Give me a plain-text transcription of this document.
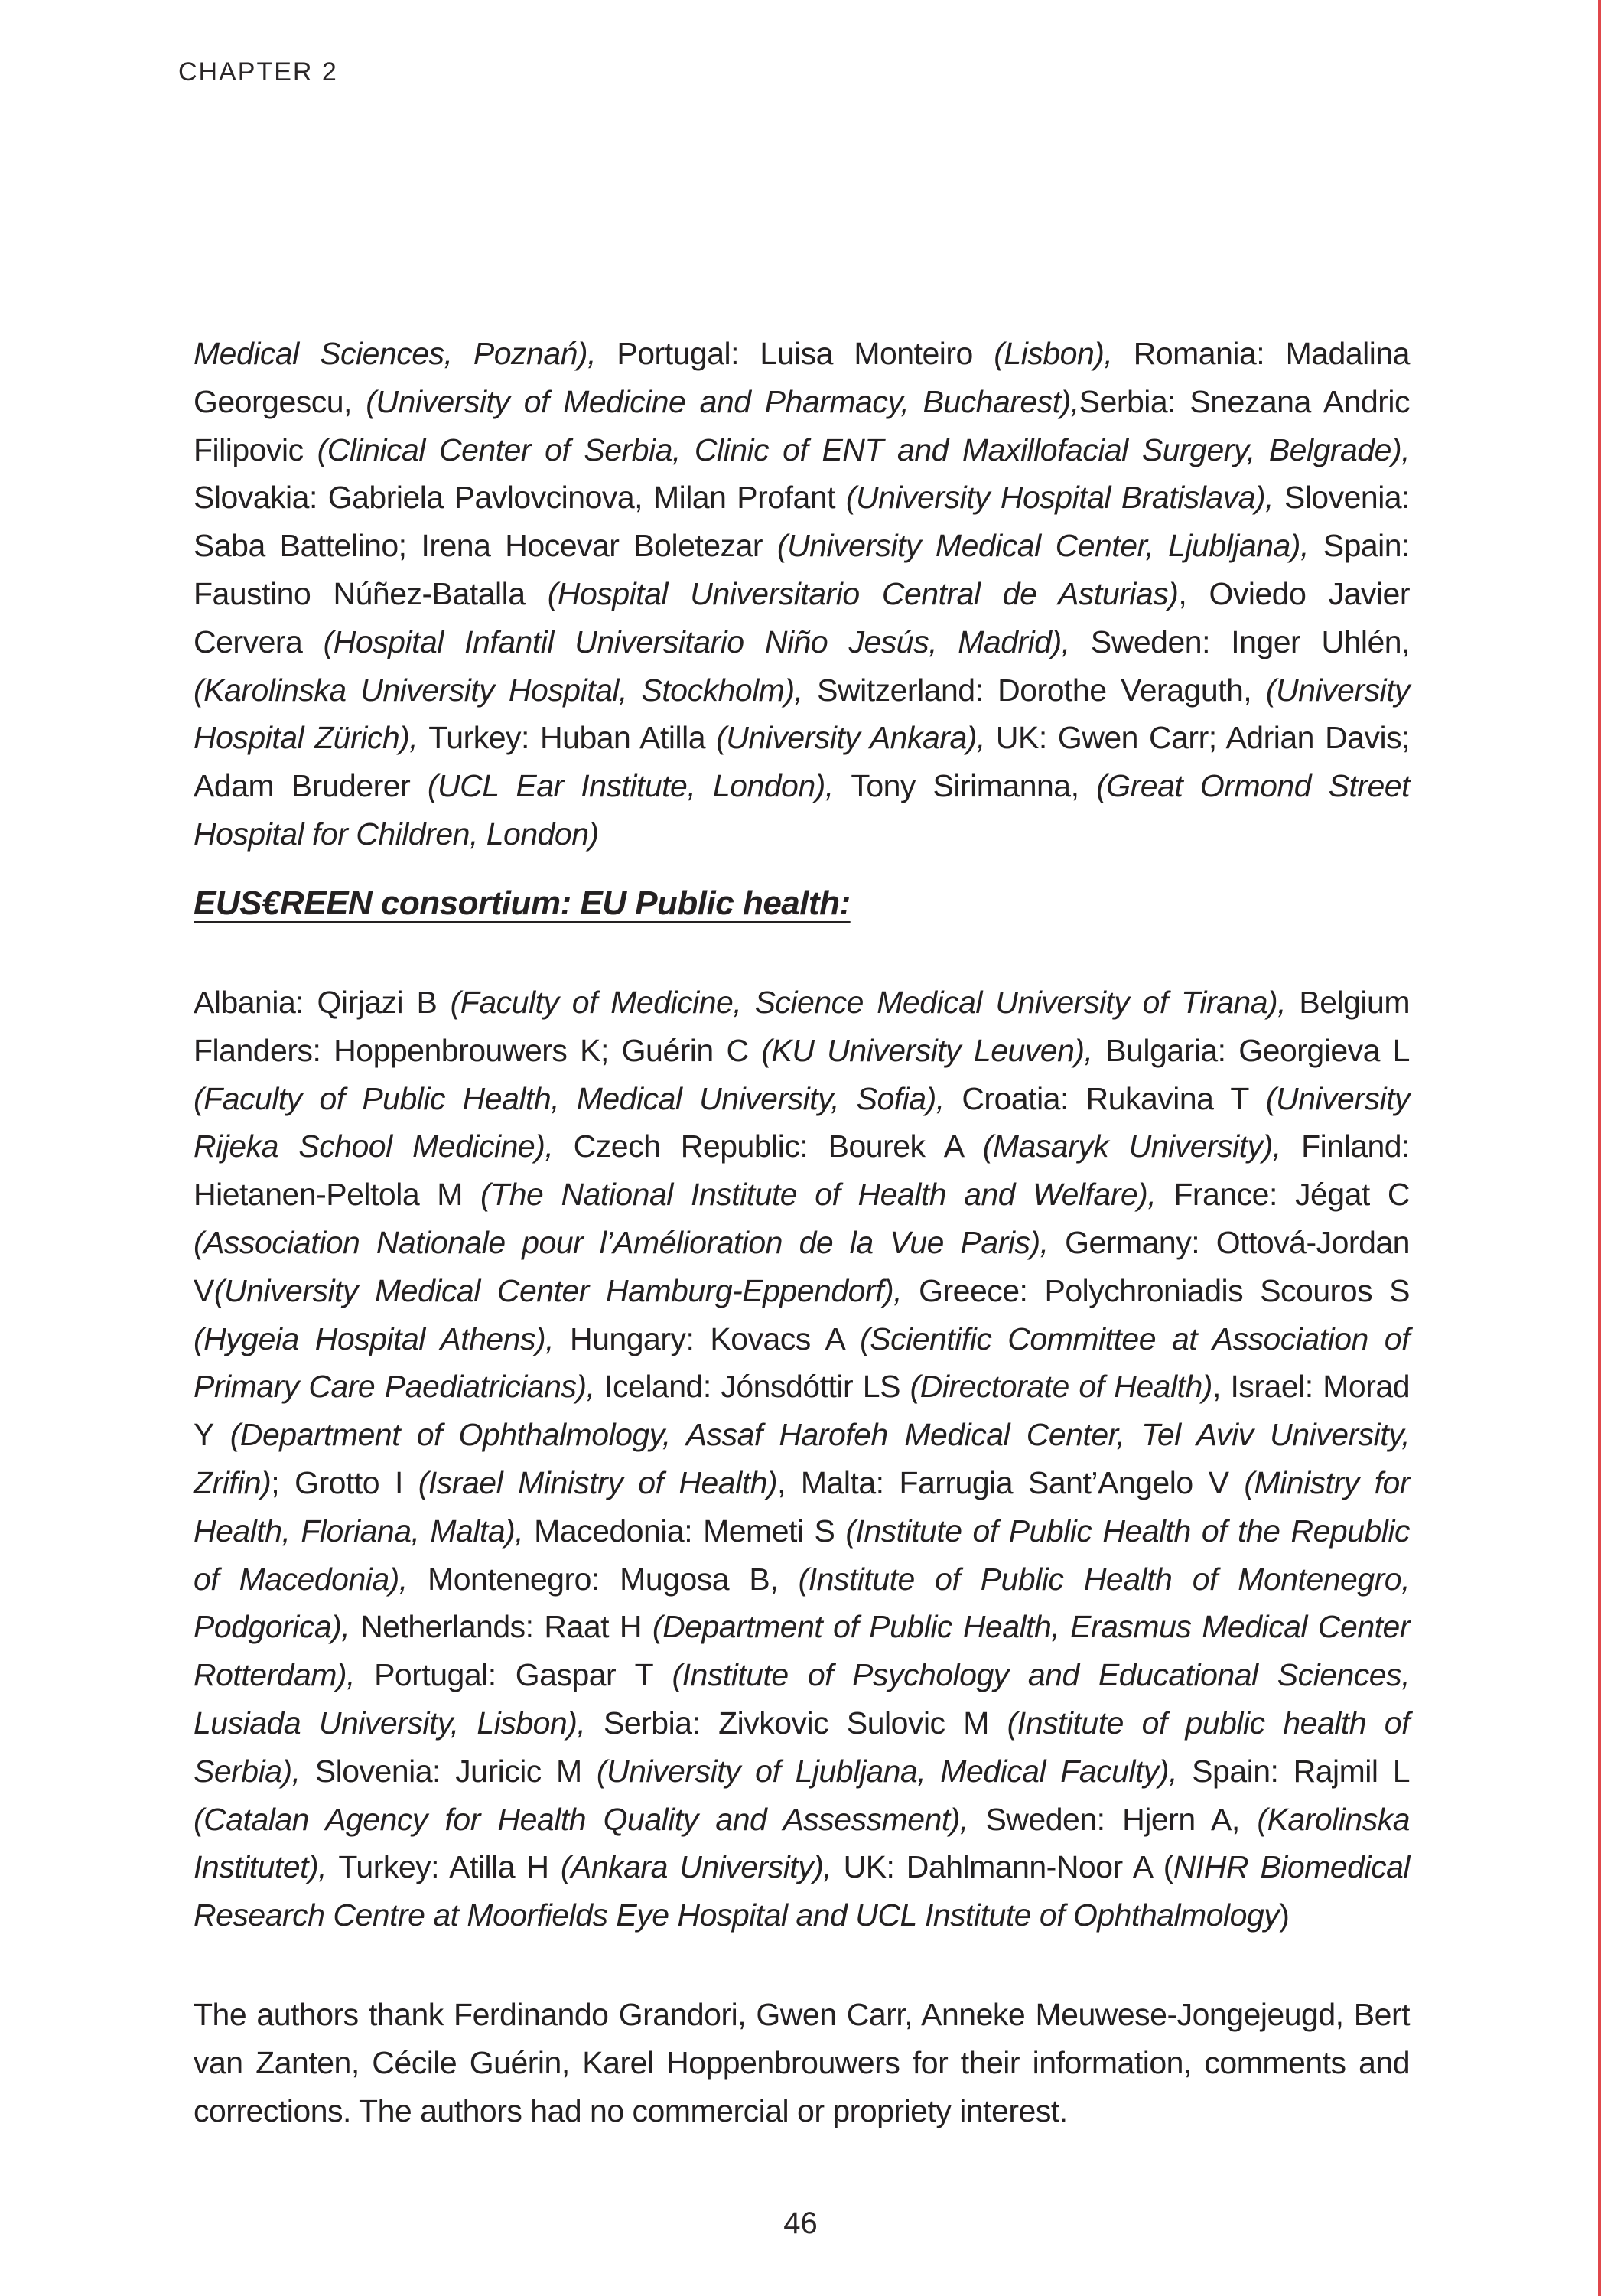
CHAPTER 2

Medical Sciences, Poznań), Portugal: Luisa Monteiro (Lisbon), Romania: Madalina Georgescu, (University of Medicine and Pharmacy, Bucharest),Serbia: Snezana Andric Filipovic (Clinical Center of Serbia, Clinic of ENT and Maxillofacial Surgery, Belgrade), Slovakia: Gabriela Pavlovcinova, Milan Profant (University Hospital Bratislava), Slovenia: Saba Battelino; Irena Hocevar Boletezar (University Medical Center, Ljubljana), Spain: Faustino Núñez-Batalla (Hospital Universitario Central de Asturias), Oviedo Javier Cervera (Hospital Infantil Universitario Niño Jesús, Madrid), Sweden: Inger Uhlén, (Karolinska University Hospital, Stockholm), Switzerland: Dorothe Veraguth, (University Hospital Zürich), Turkey: Huban Atilla (University Ankara), UK: Gwen Carr; Adrian Davis; Adam Bruderer (UCL Ear Institute, London), Tony Sirimanna, (Great Ormond Street Hospital for Children, London)

EUS€REEN consortium: EU Public health:

Albania: Qirjazi B (Faculty of Medicine, Science Medical University of Tirana), Belgium Flanders: Hoppenbrouwers K; Guérin C (KU University Leuven), Bulgaria: Georgieva L (Faculty of Public Health, Medical University, Sofia), Croatia: Rukavina T (University Rijeka School Medicine), Czech Republic: Bourek A (Masaryk University), Finland: Hietanen-Peltola M (The National Institute of Health and Welfare), France: Jégat C (Association Nationale pour l’Amélioration de la Vue Paris), Germany: Ottová-Jordan V(University Medical Center Hamburg-Eppendorf), Greece: Polychroniadis Scouros S (Hygeia Hospital Athens), Hungary: Kovacs A (Scientific Committee at Association of Primary Care Paediatricians), Iceland: Jónsdóttir LS (Directorate of Health), Israel: Morad Y (Department of Ophthalmology, Assaf Harofeh Medical Center, Tel Aviv University, Zrifin); Grotto I (Israel Ministry of Health), Malta: Farrugia Sant’Angelo V (Ministry for Health, Floriana, Malta), Macedonia: Memeti S (Institute of Public Health of the Republic of Macedonia), Montenegro: Mugosa B, (Institute of Public Health of Montenegro, Podgorica), Netherlands: Raat H (Department of Public Health, Erasmus Medical Center Rotterdam), Portugal: Gaspar T (Institute of Psychology and Educational Sciences, Lusiada University, Lisbon), Serbia: Zivkovic Sulovic M (Institute of public health of Serbia), Slovenia: Juricic M (University of Ljubljana, Medical Faculty), Spain: Rajmil L (Catalan Agency for Health Quality and Assessment), Sweden: Hjern A, (Karolinska Institutet), Turkey: Atilla H (Ankara University), UK: Dahlmann-Noor A (NIHR Biomedical Research Centre at Moorfields Eye Hospital and UCL Institute of Ophthalmology)

The authors thank Ferdinando Grandori, Gwen Carr, Anneke Meuwese-Jongejeugd, Bert van Zanten, Cécile Guérin, Karel Hoppenbrouwers for their information, comments and corrections. The authors had no commercial or propriety interest.

46
